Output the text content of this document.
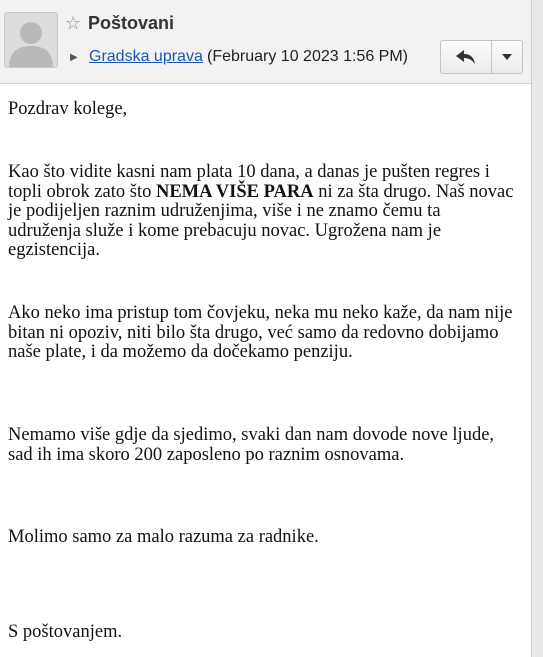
☆ Poštovani
▶ Gradska uprava (February 10 2023 1:56 PM)
Pozdrav kolege,
Kao što vidite kasni nam plata 10 dana, a danas je pušten regres i topli obrok zato što NEMA VIŠE PARA ni za šta drugo. Naš novac je podijeljen raznim udruženjima, više i ne znamo čemu ta udruženja služe i kome prebacuju novac. Ugrožena nam je egzistencija.
Ako neko ima pristup tom čovjeku, neka mu neko kaže, da nam nije bitan ni opoziv, niti bilo šta drugo, već samo da redovno dobijamo naše plate, i da možemo da dočekamo penziju.
Nemamo više gdje da sjedimo, svaki dan nam dovode nove ljude, sad ih ima skoro 200 zaposleno po raznim osnovama.
Molimo samo za malo razuma za radnike.
S poštovanjem.
